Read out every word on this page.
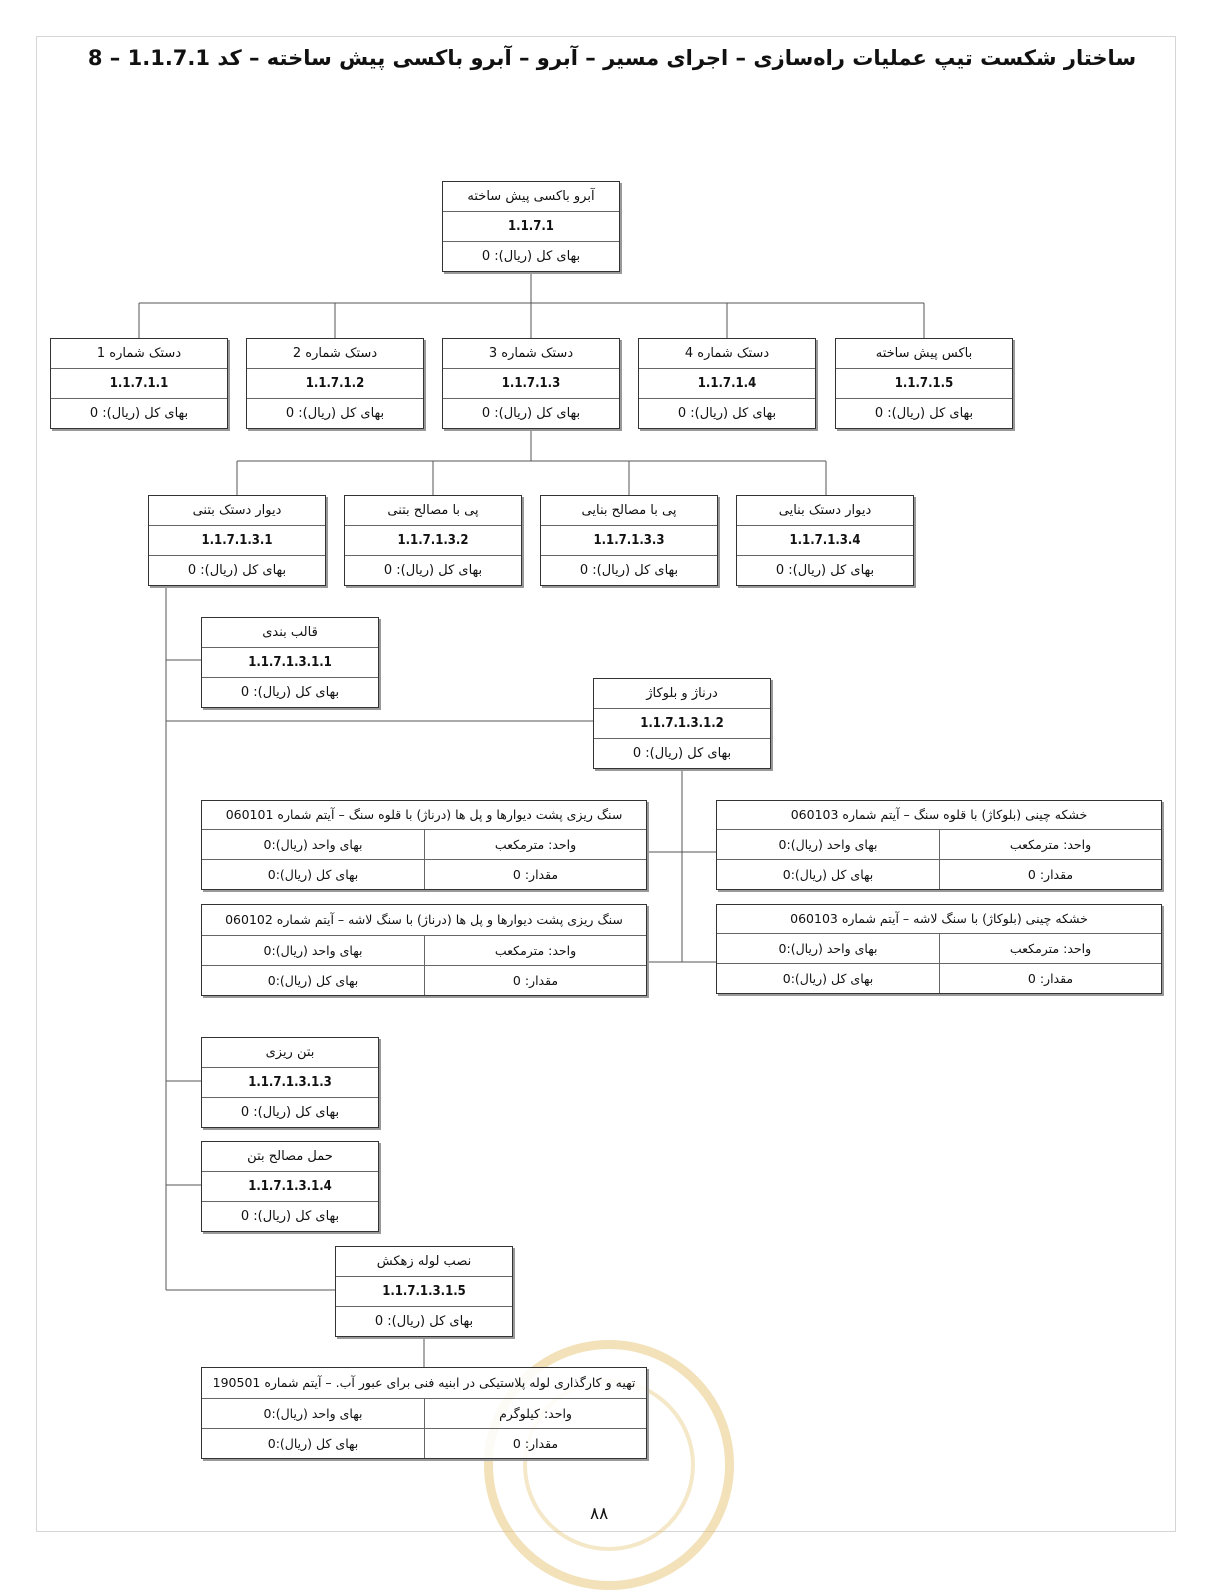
ساختار شکست تیپ عملیات راه‌سازی – اجرای مسیر – آبرو – آبرو باکسی پیش ساخته – کد 1.1.7.1 – 8
آبرو باکسی پیش ساخته
1.1.7.1
بهای کل (ریال): 0
دستک شماره 1
1.1.7.1.1
بهای کل (ریال): 0
دستک شماره 2
1.1.7.1.2
بهای کل (ریال): 0
دستک شماره 3
1.1.7.1.3
بهای کل (ریال): 0
دستک شماره 4
1.1.7.1.4
بهای کل (ریال): 0
باکس پیش ساخته
1.1.7.1.5
بهای کل (ریال): 0
دیوار دستک بتنی
1.1.7.1.3.1
بهای کل (ریال): 0
پی با مصالح بتنی
1.1.7.1.3.2
بهای کل (ریال): 0
پی با مصالح بنایی
1.1.7.1.3.3
بهای کل (ریال): 0
دیوار دستک بنایی
1.1.7.1.3.4
بهای کل (ریال): 0
قالب بندی
1.1.7.1.3.1.1
بهای کل (ریال): 0	درناژ و بلوکاژ
1.1.7.1.3.1.2
بهای کل (ریال): 0
سنگ ریزی پشت دیوارها و پل ها (درناژ) با قلوه سنگ – آیتم شماره 060101
واحد: مترمکعب
بهای واحد (ریال):0
مقدار: 0
بهای کل (ریال):0
سنگ ریزی پشت دیوارها و پل ها (درناژ) با سنگ لاشه – آیتم شماره 060102
واحد: مترمکعب
بهای واحد (ریال):0
مقدار: 0
بهای کل (ریال):0
خشکه چینی (بلوکاژ) با قلوه سنگ – آیتم شماره 060103
واحد: مترمکعب
بهای واحد (ریال):0
مقدار: 0
بهای کل (ریال):0
خشکه چینی (بلوکاژ) با سنگ لاشه – آیتم شماره 060103
واحد: مترمکعب
بهای واحد (ریال):0
مقدار: 0
بهای کل (ریال):0
بتن ریزی
1.1.7.1.3.1.3
بهای کل (ریال): 0
حمل مصالح بتن
1.1.7.1.3.1.4
بهای کل (ریال): 0
نصب لوله زهکش
1.1.7.1.3.1.5
بهای کل (ریال): 0
تهیه و کارگذاری لوله پلاستیکی در ابنیه فنی برای عبور آب. – آیتم شماره 190501
واحد: کیلوگرم
بهای واحد (ریال):0
مقدار: 0
بهای کل (ریال):0
۸۸
